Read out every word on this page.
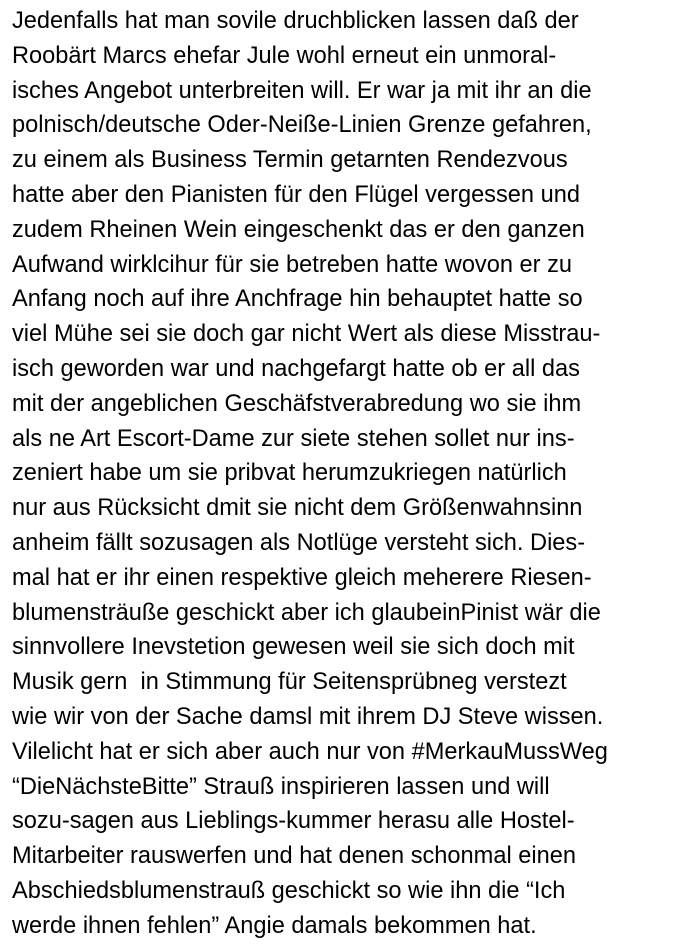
Jedenfalls hat man sovile druchblicken lassen daß der
Roobärt Marcs ehefar Jule wohl erneut ein unmoral-
isches Angebot unterbreiten will. Er war ja mit ihr an die
polnisch/deutsche Oder-Neiße-Linien Grenze gefahren,
zu einem als Business Termin getarnten Rendezvous
hatte aber den Pianisten für den Flügel vergessen und
zudem Rheinen Wein eingeschenkt das er den ganzen
Aufwand wirklcihur für sie betreben hatte wovon er zu
Anfang noch auf ihre Anchfrage hin behauptet hatte so
viel Mühe sei sie doch gar nicht Wert als diese Misstrau-
isch geworden war und nachgefargt hatte ob er all das
mit der angeblichen Geschäfstverabredung wo sie ihm
als ne Art Escort-Dame zur siete stehen sollet nur ins-
zeniert habe um sie pribvat herumzukriegen natürlich
nur aus Rücksicht dmit sie nicht dem Größenwahnsinn
anheim fällt sozusagen als Notlüge versteht sich. Dies-
mal hat er ihr einen respektive gleich meherere Riesen-
blumensträuße geschickt aber ich glaubeinPinist wär die
sinnvollere Inevstetion gewesen weil sie sich doch mit
Musik gern  in Stimmung für Seitensprübneg verstezt
wie wir von der Sache damsl mit ihrem DJ Steve wissen.
Vilelicht hat er sich aber auch nur von #MerkauMussWeg
“DieNächsteBitte” Strauß inspirieren lassen und will
sozu-sagen aus Lieblings-kummer herasu alle Hostel-
Mitarbeiter rauswerfen und hat denen schonmal einen
Abschiedsblumenstrauß geschickt so wie ihn die “Ich
werde ihnen fehlen” Angie damals bekommen hat.
